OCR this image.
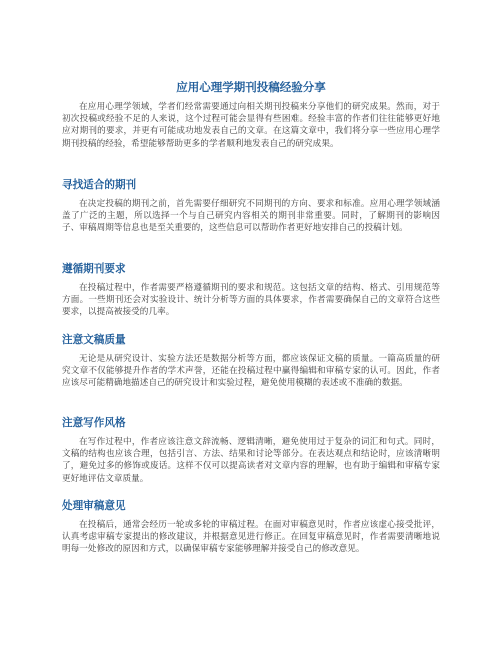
应用心理学期刊投稿经验分享

在应用心理学领域，学者们经常需要通过向相关期刊投稿来分享他们的研究成果。然而，对于初次投稿或经验不足的人来说，这个过程可能会显得有些困难。经验丰富的作者们往往能够更好地应对期刊的要求，并更有可能成功地发表自己的文章。在这篇文章中，我们将分享一些应用心理学期刊投稿的经验，希望能够帮助更多的学者顺利地发表自己的研究成果。

寻找适合的期刊

在决定投稿的期刊之前，首先需要仔细研究不同期刊的方向、要求和标准。应用心理学领域涵盖了广泛的主题，所以选择一个与自己研究内容相关的期刊非常重要。同时，了解期刊的影响因子、审稿周期等信息也是至关重要的，这些信息可以帮助作者更好地安排自己的投稿计划。

遵循期刊要求

在投稿过程中，作者需要严格遵循期刊的要求和规范。这包括文章的结构、格式、引用规范等方面。一些期刊还会对实验设计、统计分析等方面的具体要求，作者需要确保自己的文章符合这些要求，以提高被接受的几率。

注意文稿质量

无论是从研究设计、实验方法还是数据分析等方面，都应该保证文稿的质量。一篇高质量的研究文章不仅能够提升作者的学术声誉，还能在投稿过程中赢得编辑和审稿专家的认可。因此，作者应该尽可能精确地描述自己的研究设计和实验过程，避免使用模糊的表述或不准确的数据。

注意写作风格

在写作过程中，作者应该注意文辞流畅、逻辑清晰，避免使用过于复杂的词汇和句式。同时，文稿的结构也应该合理，包括引言、方法、结果和讨论等部分。在表达观点和结论时，应该清晰明了，避免过多的修饰或废话。这样不仅可以提高读者对文章内容的理解，也有助于编辑和审稿专家更好地评估文章质量。

处理审稿意见

在投稿后，通常会经历一轮或多轮的审稿过程。在面对审稿意见时，作者应该虚心接受批评，认真考虑审稿专家提出的修改建议，并根据意见进行修正。在回复审稿意见时，作者需要清晰地说明每一处修改的原因和方式，以确保审稿专家能够理解并接受自己的修改意见。
